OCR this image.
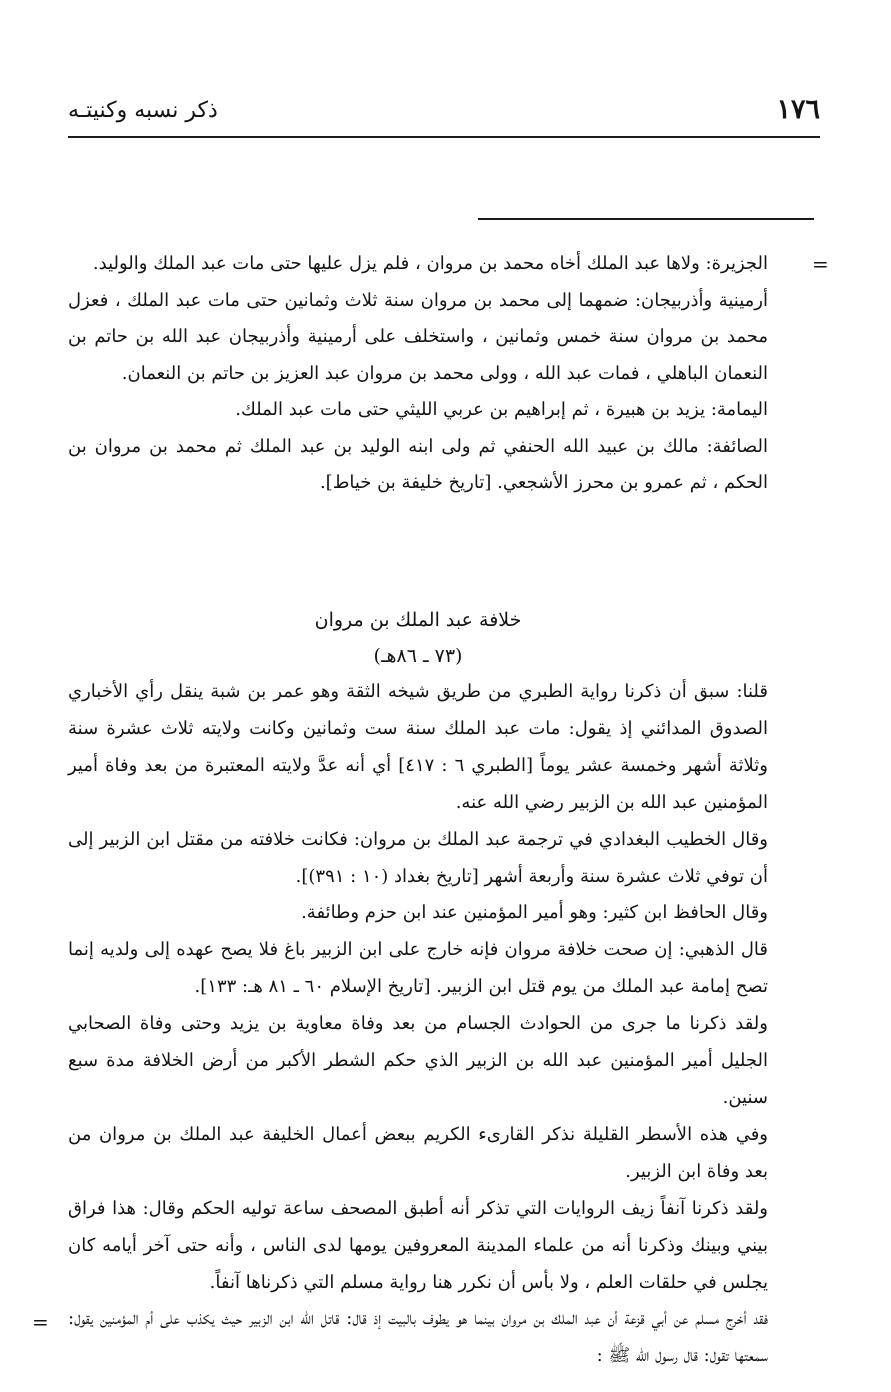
١٧٦
ذكر نسبه وكنيتـه
=

الجزيرة: ولاها عبد الملك أخاه محمد بن مروان ، فلم يزل عليها حتى مات عبد الملك والوليد.

أرمينية وأذربيجان: ضمهما إلى محمد بن مروان سنة ثلاث وثمانين حتى مات عبد الملك ، فعزل محمد بن مروان سنة خمس وثمانين ، واستخلف على أرمينية وأذربيجان عبد الله بن حاتم بن النعمان الباهلي ، فمات عبد الله ، وولى محمد بن مروان عبد العزيز بن حاتم بن النعمان.

اليمامة: يزيد بن هبيرة ، ثم إبراهيم بن عربي الليثي حتى مات عبد الملك.

الصائفة: مالك بن عبيد الله الحنفي ثم ولى ابنه الوليد بن عبد الملك ثم محمد بن مروان بن الحكم ، ثم عمرو بن محرز الأشجعي. [تاريخ خليفة بن خياط].

خلافة عبد الملك بن مروان
(٧٣ ـ ٨٦هـ)

قلنا: سبق أن ذكرنا رواية الطبري من طريق شيخه الثقة وهو عمر بن شبة ينقل رأي الأخباري الصدوق المدائني إذ يقول: مات عبد الملك سنة ست وثمانين وكانت ولايته ثلاث عشرة سنة وثلاثة أشهر وخمسة عشر يوماً [الطبري ٦ : ٤١٧] أي أنه عدَّ ولايته المعتبرة من بعد وفاة أمير المؤمنين عبد الله بن الزبير رضي الله عنه.

وقال الخطيب البغدادي في ترجمة عبد الملك بن مروان: فكانت خلافته من مقتل ابن الزبير إلى أن توفي ثلاث عشرة سنة وأربعة أشهر [تاريخ بغداد (١٠ : ٣٩١)].

وقال الحافظ ابن كثير: وهو أمير المؤمنين عند ابن حزم وطائفة.

قال الذهبي: إن صحت خلافة مروان فإنه خارج على ابن الزبير باغ فلا يصح عهده إلى ولديه إنما تصح إمامة عبد الملك من يوم قتل ابن الزبير. [تاريخ الإسلام ٦٠ ـ ٨١ هـ: ١٣٣].

ولقد ذكرنا ما جرى من الحوادث الجسام من بعد وفاة معاوية بن يزيد وحتى وفاة الصحابي الجليل أمير المؤمنين عبد الله بن الزبير الذي حكم الشطر الأكبر من أرض الخلافة مدة سبع سنين.

وفي هذه الأسطر القليلة نذكر القارىء الكريم ببعض أعمال الخليفة عبد الملك بن مروان من بعد وفاة ابن الزبير.

ولقد ذكرنا آنفاً زيف الروايات التي تذكر أنه أطبق المصحف ساعة توليه الحكم وقال: هذا فراق بيني وبينك وذكرنا أنه من علماء المدينة المعروفين يومها لدى الناس ، وأنه حتى آخر أيامه كان يجلس في حلقات العلم ، ولا بأس أن نكرر هنا رواية مسلم التي ذكرناها آنفاً.

فقد أخرج مسلم عن أبي قزعة أن عبد الملك بن مروان بينما هو يطوف بالبيت إذ قال: قاتل الله ابن الزبير حيث يكذب على أم المؤمنين يقول: سمعتها تقول: قال رسول الله ﷺ :

=
